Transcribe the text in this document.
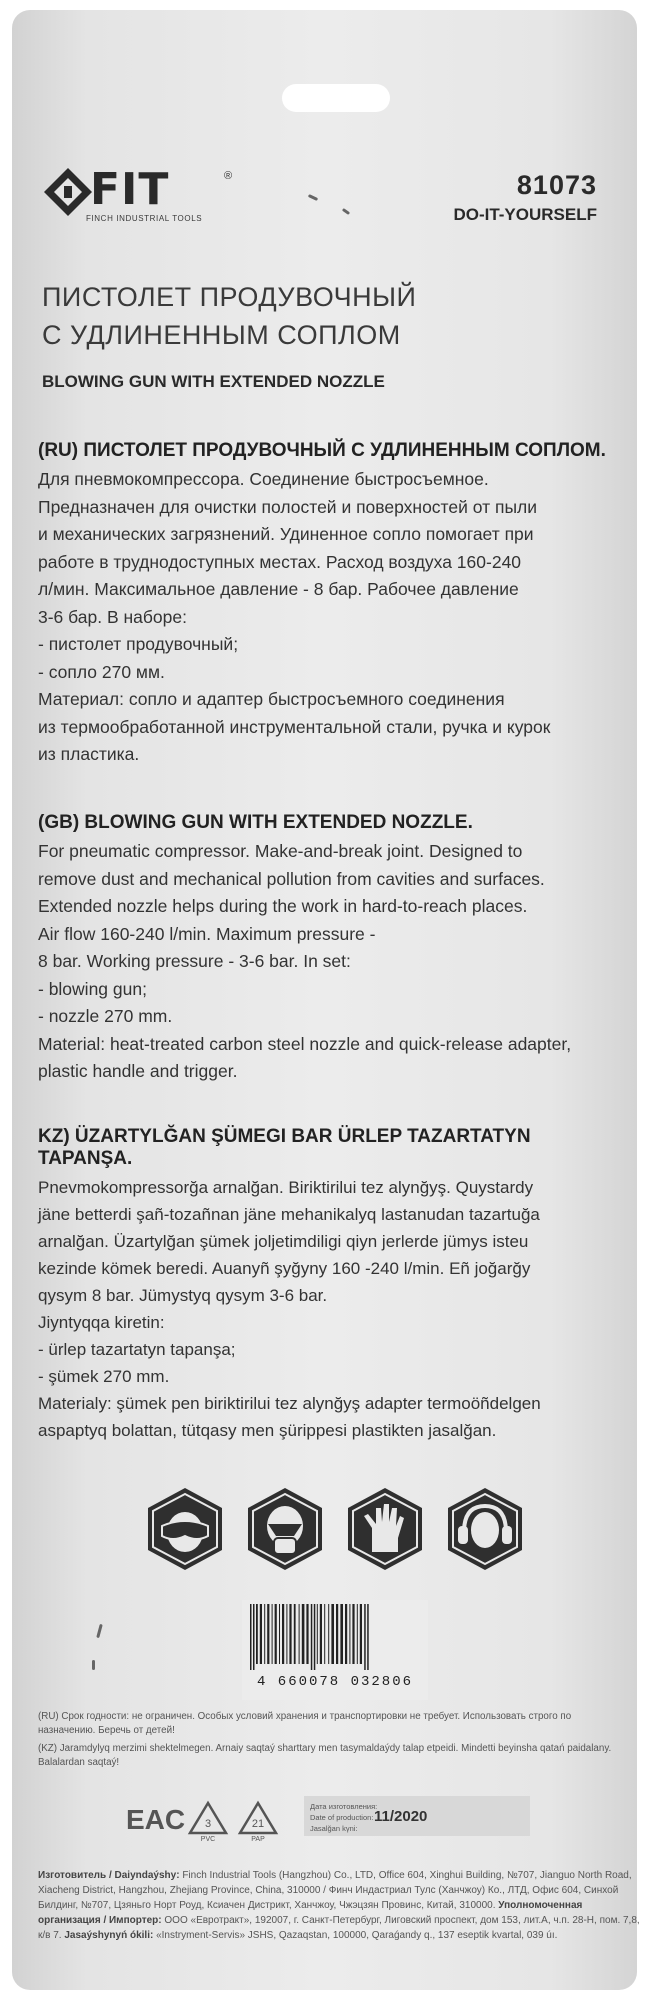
FIT	®
FINCH INDUSTRIAL TOOLS
81073
DO-IT-YOURSELF
ПИСТОЛЕТ ПРОДУВОЧНЫЙ
С УДЛИНЕННЫМ СОПЛОМ
BLOWING GUN WITH EXTENDED NOZZLE
(RU) ПИСТОЛЕТ ПРОДУВОЧНЫЙ С УДЛИНЕННЫМ СОПЛОМ.

Для пневмокомпрессора. Соединение быстросъемное.

Предназначен для очистки полостей и поверхностей от пыли

и механических загрязнений. Удиненное сопло помогает при

работе в труднодоступных местах. Расход воздуха 160-240

л/мин. Максимальное давление - 8 бар. Рабочее давление

3-6 бар. В наборе:

- пистолет продувочный;

- сопло 270 мм.

Материал: сопло и адаптер быстросъемного соединения

из термообработанной инструментальной стали, ручка и курок

из пластика.

(GB) BLOWING GUN WITH EXTENDED NOZZLE.

For pneumatic compressor. Make-and-break joint. Designed to

remove dust and mechanical pollution from cavities and surfaces.

Extended nozzle helps during the work in hard-to-reach places.

Air flow 160-240 l/min. Maximum pressure -

8 bar. Working pressure - 3-6 bar. In set:

- blowing gun;

- nozzle 270 mm.

Material: heat-treated carbon steel nozzle and quick-release adapter,

plastic handle and trigger.

KZ) ÜZARTYLĞAN ŞÜMEGI BAR ÜRLEP TAZARTATYN TAPANŞA.

Pnevmokompressorğa arnalğan. Biriktirilui tez alynğyş. Quystardy

jäne betterdi şañ-tozañnan jäne mehanikalyq lastanudan tazartuğa

arnalğan. Üzartylğan şümek joljetimdiligi qiyn jerlerde jümys isteu

kezinde kömek beredi. Auanyñ şyğyny 160 -240 l/min. Eñ joğarğy

qysym 8 bar. Jümystyq qysym 3-6 bar.

Jiyntyqqa kiretin:

- ürlep tazartatyn tapanşa;

- şümek 270 mm.

Materialy: şümek pen biriktirilui tez alynğyş adapter termoöñdelgen

aspaptyq bolattan, tütqasy men şürippesi plastikten jasalğan.

4 660078 032806

(RU) Срок годности: не ограничен. Особых условий хранения и транспортировки не требует. Использовать строго по назначению. Беречь от детей!

(KZ) Jaramdylyq merzimi shektelmegen. Arnaiy saqtaý sharttary men tasymaldaýdy talap etpeidi. Mindetti beyinsha qatań paidalany. Balalardan saqtaý!

EAC 3
PVC
21
PAP
Дата изготовления:
Date of production:
Jasalğan kүni:
11/2020
Изготовитель / Daiyndaýshy: Finch Industrial Tools (Hangzhou) Co., LTD, Office 604, Xinghui Building, №707, Jianguo North Road, Xiacheng District, Hangzhou, Zhejiang Province, China, 310000 / Финч Индастриал Тулс (Ханчжоу) Ко., ЛТД, Офис 604, Синхой Билдинг, №707, Цзяньго Норт Роуд, Ксиачен Дистрикт, Ханчжоу, Чжэцзян Провинс, Китай, 310000. Уполномоченная организация / Импортер: ООО «Евротракт», 192007, г. Санкт-Петербург, Лиговский проспект, дом 153, лит.А, ч.п. 28-Н, пом. 7,8, к/в 7. Jasaýshynyń ókili: «Instryment-Servis» JSHS, Qazaqstan, 100000, Qaraǵandy q., 137 eseptik kvartal, 039 úı.
